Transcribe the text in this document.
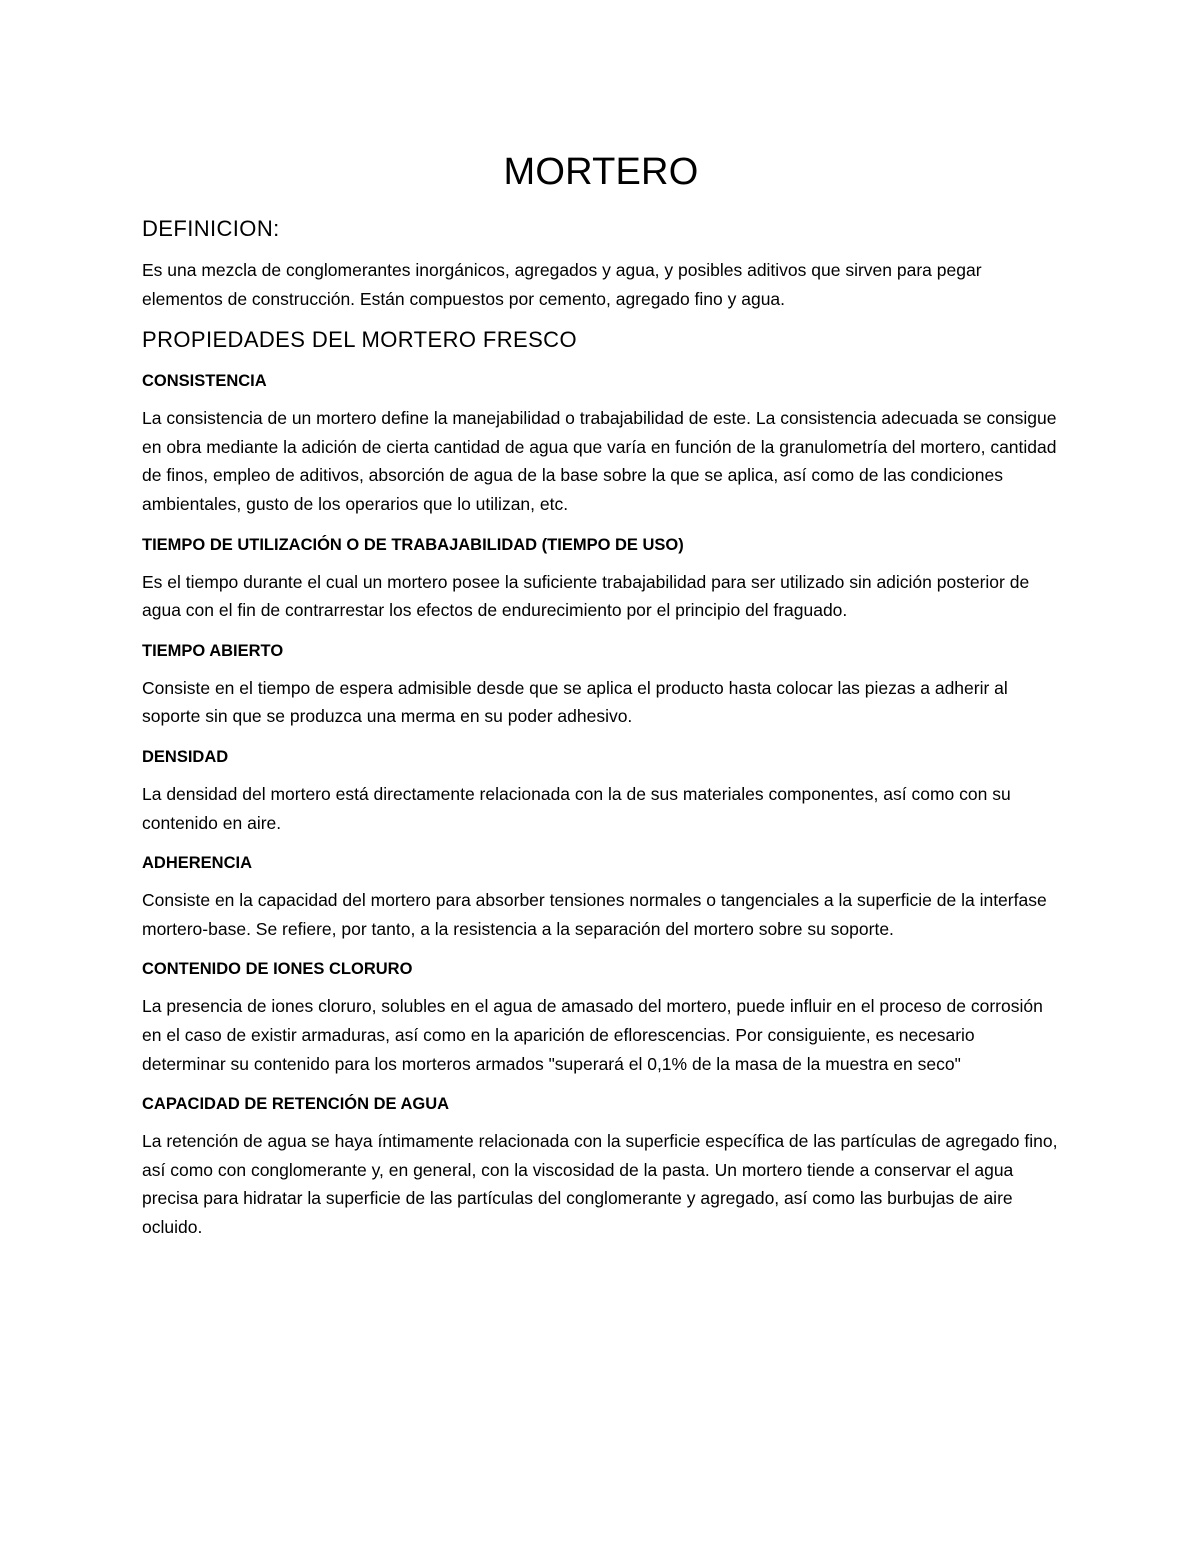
MORTERO
DEFINICION:

Es una mezcla de conglomerantes inorgánicos, agregados y agua, y posibles aditivos que sirven para pegar elementos de construcción. Están compuestos por cemento, agregado fino y agua.

PROPIEDADES DEL MORTERO FRESCO
CONSISTENCIA

La consistencia de un mortero define la manejabilidad o trabajabilidad de este. La consistencia adecuada se consigue en obra mediante la adición de cierta cantidad de agua que varía en función de la granulometría del mortero, cantidad de finos, empleo de aditivos, absorción de agua de la base sobre la que se aplica, así como de las condiciones ambientales, gusto de los operarios que lo utilizan, etc.

TIEMPO DE UTILIZACIÓN O DE TRABAJABILIDAD (TIEMPO DE USO)

Es el tiempo durante el cual un mortero posee la suficiente trabajabilidad para ser utilizado sin adición posterior de agua con el fin de contrarrestar los efectos de endurecimiento por el principio del fraguado.

TIEMPO ABIERTO

Consiste en el tiempo de espera admisible desde que se aplica el producto hasta colocar las piezas a adherir al soporte sin que se produzca una merma en su poder adhesivo.

DENSIDAD

La densidad del mortero está directamente relacionada con la de sus materiales componentes, así como con su contenido en aire.

ADHERENCIA

Consiste en la capacidad del mortero para absorber tensiones normales o tangenciales a la superficie de la interfase mortero-base. Se refiere, por tanto, a la resistencia a la separación del mortero sobre su soporte.

CONTENIDO DE IONES CLORURO

La presencia de iones cloruro, solubles en el agua de amasado del mortero, puede influir en el proceso de corrosión en el caso de existir armaduras, así como en la aparición de eflorescencias. Por consiguiente, es necesario determinar su contenido para los morteros armados "superará el 0,1% de la masa de la muestra en seco"

CAPACIDAD DE RETENCIÓN DE AGUA

La retención de agua se haya íntimamente relacionada con la superficie específica de las partículas de agregado fino, así como con conglomerante y, en general, con la viscosidad de la pasta. Un mortero tiende a conservar el agua precisa para hidratar la superficie de las partículas del conglomerante y agregado, así como las burbujas de aire ocluido.
